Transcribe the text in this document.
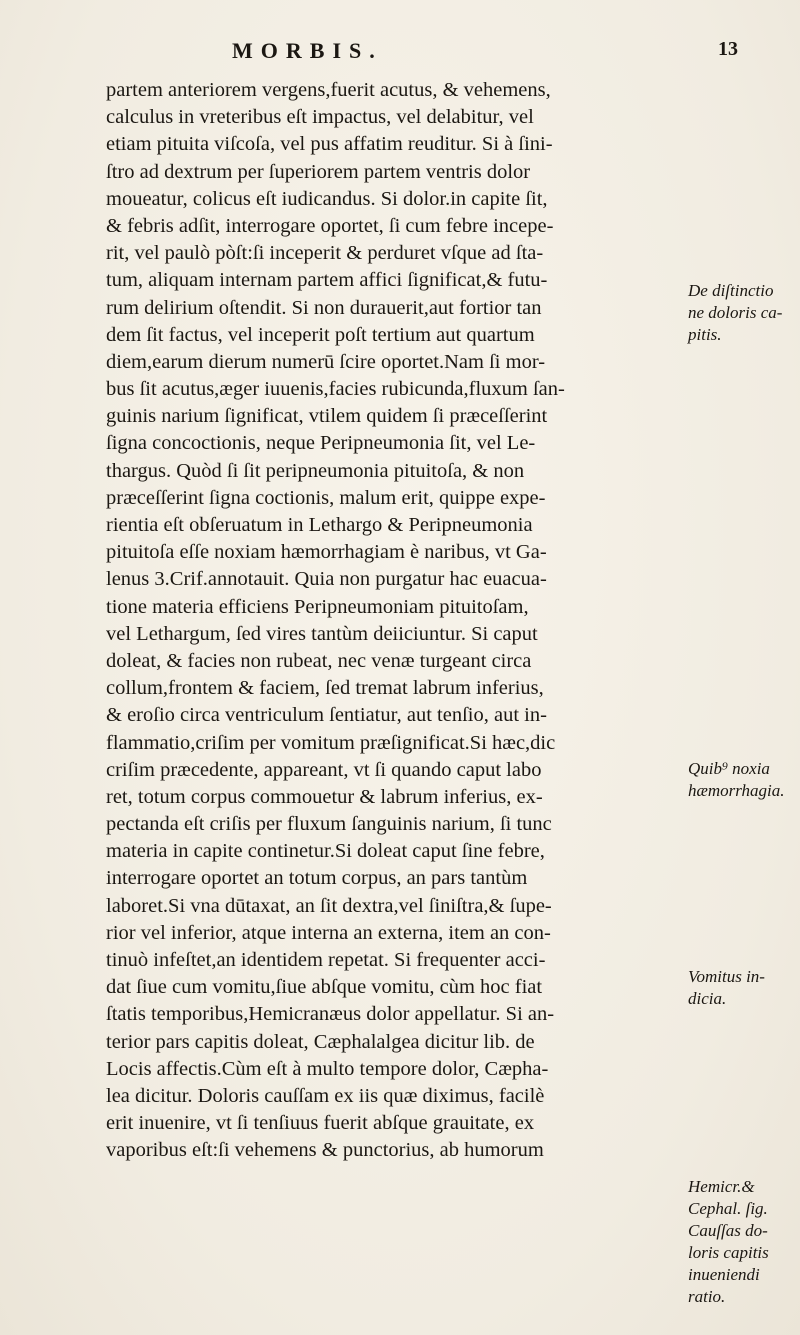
MORBIS.	13
partem anteriorem vergens,fuerit acutus, & vehemens,
calculus in vreteribus eſt impactus, vel delabitur, vel
etiam pituita viſcoſa, vel pus affatim reuditur. Si à ſini-
ſtro ad dextrum per ſuperiorem partem ventris dolor
moueatur, colicus eſt iudicandus. Si dolor.in capite ſit,
& febris adſit, interrogare oportet, ſi cum febre incepe-
rit, vel paulò pòſt:ſi inceperit & perduret vſque ad ſta-
tum, aliquam internam partem affici ſignificat,& futu-
rum delirium oſtendit. Si non durauerit,aut fortior tan
dem ſit factus, vel inceperit poſt tertium aut quartum
diem,earum dierum numerū ſcire oportet.Nam ſi mor-
bus ſit acutus,æger iuuenis,facies rubicunda,fluxum ſan-
guinis narium ſignificat, vtilem quidem ſi præceſſerint
ſigna concoctionis, neque Peripneumonia ſit, vel Le-
thargus. Quòd ſi ſit peripneumonia pituitoſa, & non
præceſſerint ſigna coctionis, malum erit, quippe expe-
rientia eſt obſeruatum in Lethargo & Peripneumonia
pituitoſa eſſe noxiam hæmorrhagiam è naribus, vt Ga-
lenus 3.Crif.annotauit. Quia non purgatur hac euacua-
tione materia efficiens Peripneumoniam pituitoſam,
vel Lethargum, ſed vires tantùm deiiciuntur. Si caput
doleat, & facies non rubeat, nec venæ turgeant circa
collum,frontem & faciem, ſed tremat labrum inferius,
& eroſio circa ventriculum ſentiatur, aut tenſio, aut in-
flammatio,criſim per vomitum præſignificat.Si hæc,dic
criſim præcedente, appareant, vt ſi quando caput labo
ret, totum corpus commouetur & labrum inferius, ex-
pectanda eſt criſis per fluxum ſanguinis narium, ſi tunc
materia in capite continetur.Si doleat caput ſine febre,
interrogare oportet an totum corpus, an pars tantùm
laboret.Si vna dūtaxat, an ſit dextra,vel ſiniſtra,& ſupe-
rior vel inferior, atque interna an externa, item an con-
tinuò infeſtet,an identidem repetat. Si frequenter acci-
dat ſiue cum vomitu,ſiue abſque vomitu, cùm hoc fiat
ſtatis temporibus,Hemicranæus dolor appellatur. Si an-
terior pars capitis doleat, Cæphalalgea dicitur lib. de
Locis affectis.Cùm eſt à multo tempore dolor, Cæpha-
lea dicitur. Doloris cauſſam ex iis quæ diximus, facilè
erit inuenire, vt ſi tenſiuus fuerit abſque grauitate, ex
vaporibus eſt:ſi vehemens & punctorius, ab humorum
De diſtinctio
ne doloris ca-
pitis.
Quib⁹ noxia
hæmorrhagia.
Vomitus in-
dicia.
Hemicr.&
Cephal. ſig.
Cauſſas do-
loris capitis
inueniendi
ratio.
